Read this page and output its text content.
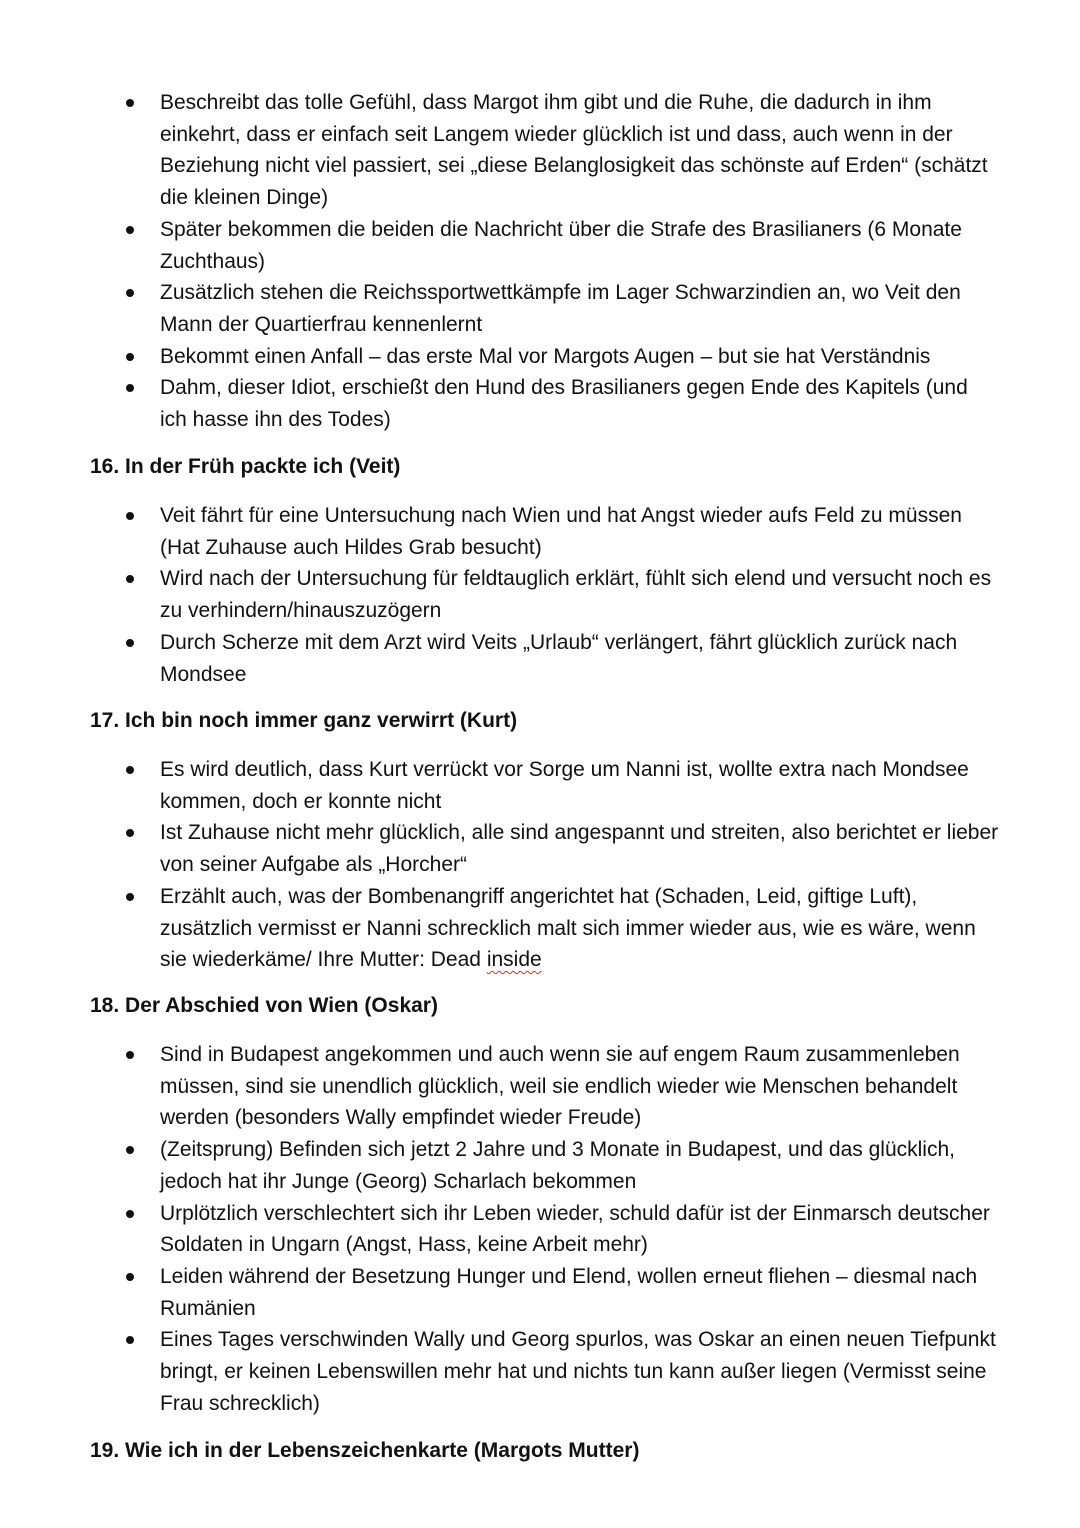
Beschreibt das tolle Gefühl, dass Margot ihm gibt und die Ruhe, die dadurch in ihm einkehrt, dass er einfach seit Langem wieder glücklich ist und dass, auch wenn in der Beziehung nicht viel passiert, sei „diese Belanglosigkeit das schönste auf Erden“ (schätzt die kleinen Dinge)
Später bekommen die beiden die Nachricht über die Strafe des Brasilianers (6 Monate Zuchthaus)
Zusätzlich stehen die Reichssportwettkämpfe im Lager Schwarzindien an, wo Veit den Mann der Quartierfrau kennenlernt
Bekommt einen Anfall – das erste Mal vor Margots Augen – but sie hat Verständnis
Dahm, dieser Idiot, erschießt den Hund des Brasilianers gegen Ende des Kapitels (und ich hasse ihn des Todes)
16. In der Früh packte ich (Veit)
Veit fährt für eine Untersuchung nach Wien und hat Angst wieder aufs Feld zu müssen (Hat Zuhause auch Hildes Grab besucht)
Wird nach der Untersuchung für feldtauglich erklärt, fühlt sich elend und versucht noch es zu verhindern/hinauszuzögern
Durch Scherze mit dem Arzt wird Veits „Urlaub“ verlängert, fährt glücklich zurück nach Mondsee
17. Ich bin noch immer ganz verwirrt (Kurt)
Es wird deutlich, dass Kurt verrückt vor Sorge um Nanni ist, wollte extra nach Mondsee kommen, doch er konnte nicht
Ist Zuhause nicht mehr glücklich, alle sind angespannt und streiten, also berichtet er lieber von seiner Aufgabe als „Horcher“
Erzählt auch, was der Bombenangriff angerichtet hat (Schaden, Leid, giftige Luft), zusätzlich vermisst er Nanni schrecklich malt sich immer wieder aus, wie es wäre, wenn sie wiederkäme/ Ihre Mutter: Dead inside
18. Der Abschied von Wien (Oskar)
Sind in Budapest angekommen und auch wenn sie auf engem Raum zusammenleben müssen, sind sie unendlich glücklich, weil sie endlich wieder wie Menschen behandelt werden (besonders Wally empfindet wieder Freude)
(Zeitsprung) Befinden sich jetzt 2 Jahre und 3 Monate in Budapest, und das glücklich, jedoch hat ihr Junge (Georg) Scharlach bekommen
Urplötzlich verschlechtert sich ihr Leben wieder, schuld dafür ist der Einmarsch deutscher Soldaten in Ungarn (Angst, Hass, keine Arbeit mehr)
Leiden während der Besetzung Hunger und Elend, wollen erneut fliehen – diesmal nach Rumänien
Eines Tages verschwinden Wally und Georg spurlos, was Oskar an einen neuen Tiefpunkt bringt, er keinen Lebenswillen mehr hat und nichts tun kann außer liegen (Vermisst seine Frau schrecklich)
19. Wie ich in der Lebenszeichenkarte (Margots Mutter)
